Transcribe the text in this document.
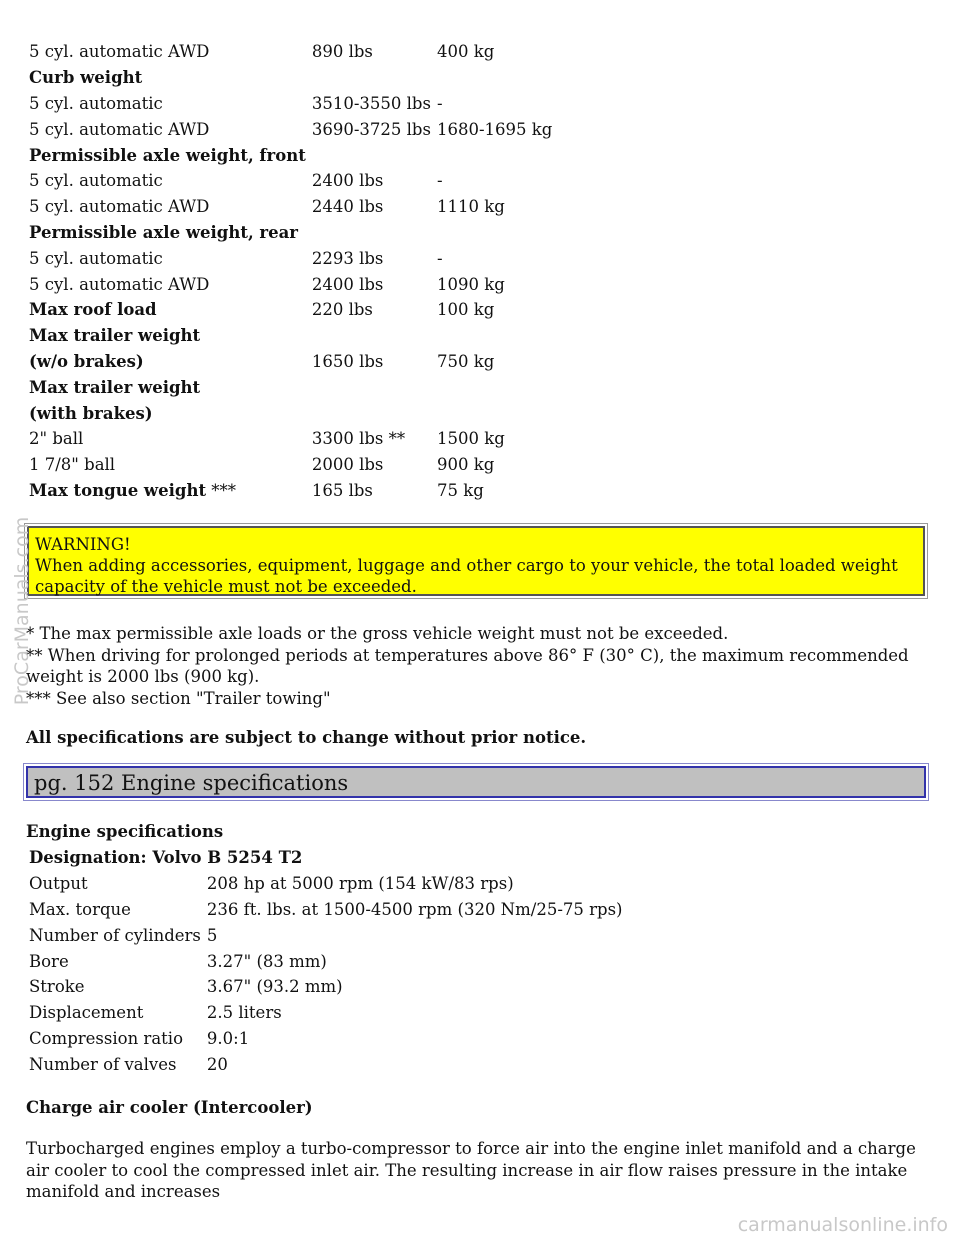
5 cyl. automatic AWD	890 lbs	400 kg
Curb weight		
5 cyl. automatic	3510-3550 lbs	-
5 cyl. automatic AWD	3690-3725 lbs	1680-1695 kg
Permissible axle weight, front		
5 cyl. automatic	2400 lbs	-
5 cyl. automatic AWD	2440 lbs	1110 kg
Permissible axle weight, rear		
5 cyl. automatic	2293 lbs	-
5 cyl. automatic AWD	2400 lbs	1090 kg
Max roof load	220 lbs	100 kg
Max trailer weight		
(w/o brakes)	1650 lbs	750 kg
Max trailer weight		
(with brakes)		
2" ball	3300 lbs **	1500 kg
1 7/8" ball	2000 lbs	900 kg
Max tongue weight ***	165 lbs	75 kg
WARNING!
When adding accessories, equipment, luggage and other cargo to your vehicle, the total loaded weight capacity of the vehicle must not be exceeded.
* The max permissible axle loads or the gross vehicle weight must not be exceeded.
** When driving for prolonged periods at temperatures above 86° F (30° C), the maximum recommended weight is 2000 lbs (900 kg).
*** See also section "Trailer towing"
All specifications are subject to change without prior notice.
pg. 152 Engine specifications
Engine specifications
Designation: Volvo B 5254 T2	
Output	208 hp at 5000 rpm (154 kW/83 rps)
Max. torque	236 ft. lbs. at 1500-4500 rpm (320 Nm/25-75 rps)
Number of cylinders	5
Bore	3.27" (83 mm)
Stroke	3.67" (93.2 mm)
Displacement	2.5 liters
Compression ratio	9.0:1
Number of valves	20
Charge air cooler (Intercooler)
Turbocharged engines employ a turbo-compressor to force air into the engine inlet manifold and a charge air cooler to cool the compressed inlet air. The resulting increase in air flow raises pressure in the intake manifold and increases
ProCarManuals.com
carmanualsonline.info
